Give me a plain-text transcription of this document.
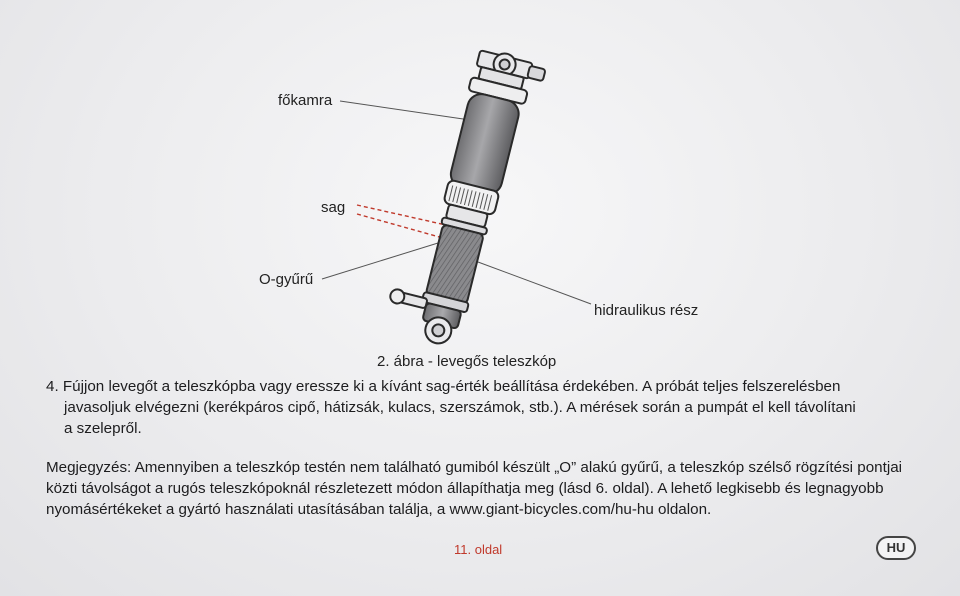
főkamra
sag
O-gyűrű
hidraulikus rész
2. ábra - levegős teleszkóp

4. Fújjon levegőt a teleszkópba vagy eressze ki a kívánt sag-érték beállítása érdekében. A próbát teljes felszerelésben

javasoljuk elvégezni (kerékpáros cipő, hátizsák, kulacs, szerszámok, stb.). A mérések során a pumpát el kell távolítani

a szelepről.

Megjegyzés: Amennyiben a teleszkóp testén nem található gumiból készült „O” alakú gyűrű, a teleszkóp szélső rögzítési pontjai közti távolságot a rugós teleszkópoknál részletezett módon állapíthatja meg (lásd 6. oldal). A lehető legkisebb és legnagyobb nyomásértékeket a gyártó használati utasításában találja, a www.giant-bicycles.com/hu-hu oldalon.

11. oldal	HU
